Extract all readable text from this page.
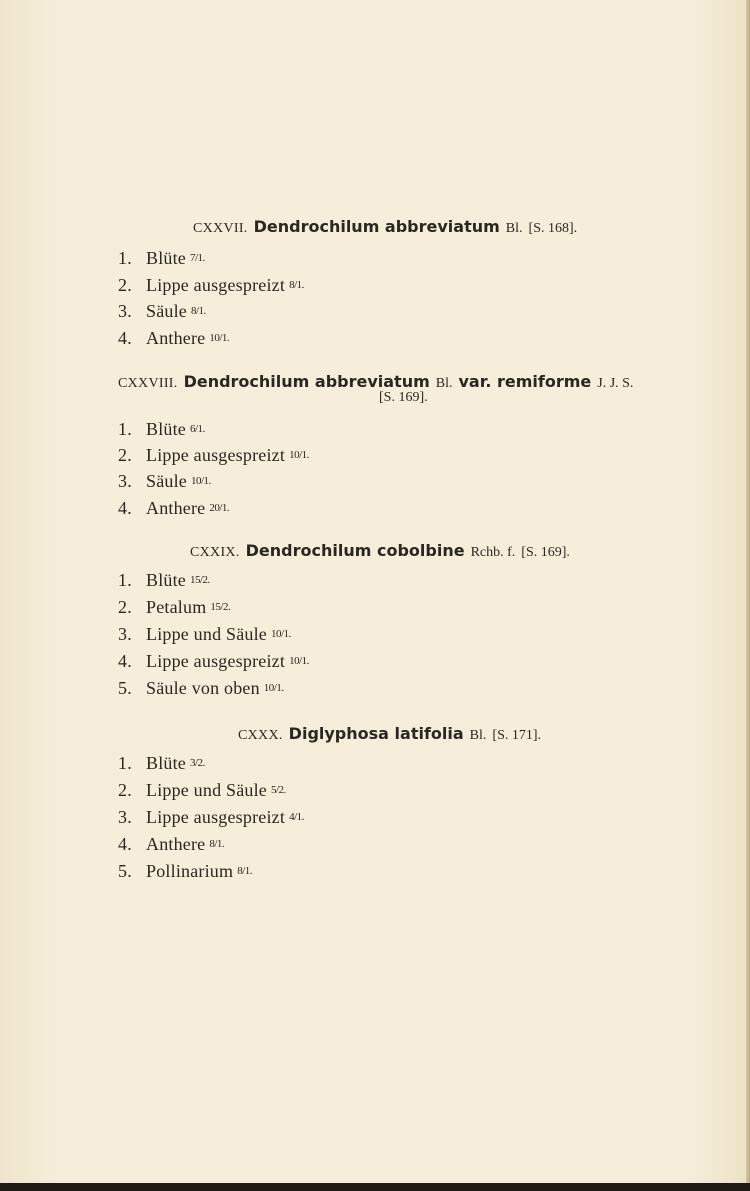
CXXVII. Dendrochilum abbreviatum Bl. [S. 168].
1. Blüte 7/1.
2. Lippe ausgespreizt 8/1.
3. Säule 8/1.
4. Anthere 10/1.
CXXVIII. Dendrochilum abbreviatum Bl. var. remiforme J. J. S.
[S. 169].
1. Blüte 6/1.
2. Lippe ausgespreizt 10/1.
3. Säule 10/1.
4. Anthere 20/1.
CXXIX. Dendrochilum cobolbine Rchb. f. [S. 169].
1. Blüte 15/2.
2. Petalum 15/2.
3. Lippe und Säule 10/1.
4. Lippe ausgespreizt 10/1.
5. Säule von oben 10/1.
CXXX. Diglyphosa latifolia Bl. [S. 171].
1. Blüte 3/2.
2. Lippe und Säule 5/2.
3. Lippe ausgespreizt 4/1.
4. Anthere 8/1.
5. Pollinarium 8/1.
